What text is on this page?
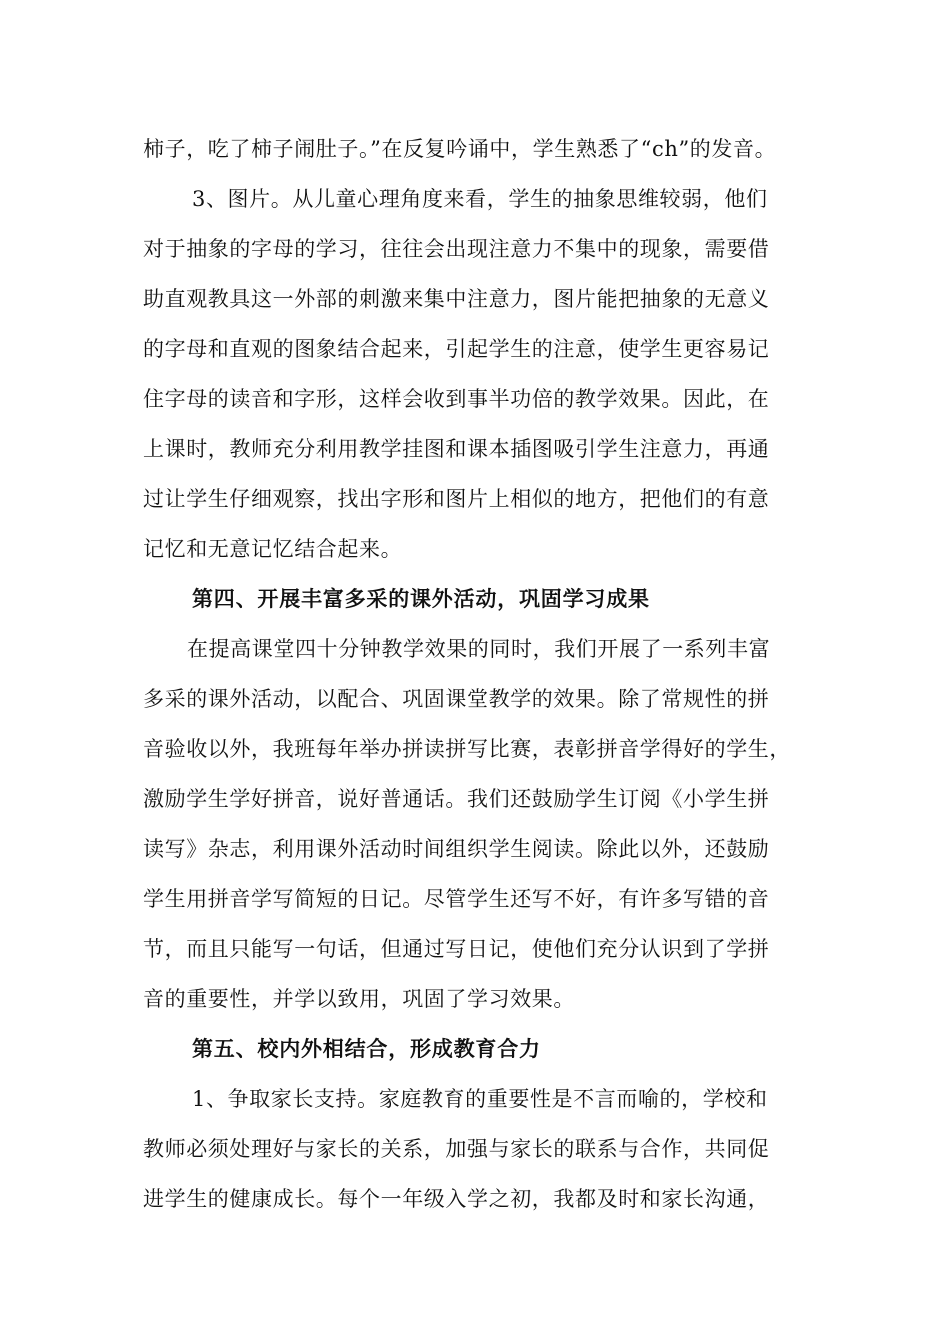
柿子，吃了柿子闹肚子。”在反复吟诵中，学生熟悉了“ch”的发音。
3、图片。从儿童心理角度来看，学生的抽象思维较弱，他们
对于抽象的字母的学习，往往会出现注意力不集中的现象，需要借
助直观教具这一外部的刺激来集中注意力，图片能把抽象的无意义
的字母和直观的图象结合起来，引起学生的注意，使学生更容易记
住字母的读音和字形，这样会收到事半功倍的教学效果。因此，在
上课时，教师充分利用教学挂图和课本插图吸引学生注意力，再通
过让学生仔细观察，找出字形和图片上相似的地方，把他们的有意
记忆和无意记忆结合起来。
第四、开展丰富多采的课外活动，巩固学习成果
在提高课堂四十分钟教学效果的同时，我们开展了一系列丰富
多采的课外活动，以配合、巩固课堂教学的效果。除了常规性的拼
音验收以外，我班每年举办拼读拼写比赛，表彰拼音学得好的学生，
激励学生学好拼音，说好普通话。我们还鼓励学生订阅《小学生拼
读写》杂志，利用课外活动时间组织学生阅读。除此以外，还鼓励
学生用拼音学写简短的日记。尽管学生还写不好，有许多写错的音
节，而且只能写一句话，但通过写日记，使他们充分认识到了学拼
音的重要性，并学以致用，巩固了学习效果。
第五、校内外相结合，形成教育合力
1、争取家长支持。家庭教育的重要性是不言而喻的，学校和
教师必须处理好与家长的关系，加强与家长的联系与合作，共同促
进学生的健康成长。每个一年级入学之初，我都及时和家长沟通，
